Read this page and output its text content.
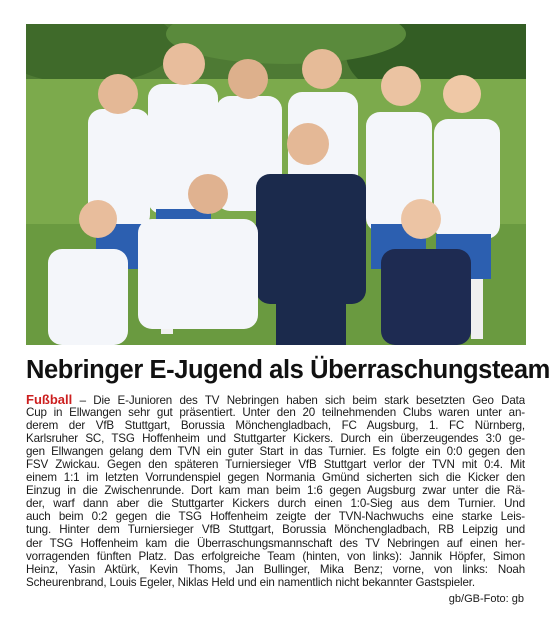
Nebringer E-Jugend als Überraschungsteam
Fußball – Die E-Junioren des TV Nebringen haben sich beim stark besetzten Geo Data
Cup in Ellwangen sehr gut präsentiert. Unter den 20 teilnehmenden Clubs waren unter an-
derem der VfB Stuttgart, Borussia Mönchengladbach, FC Augsburg, 1. FC Nürnberg,
Karlsruher SC, TSG Hoffenheim und Stuttgarter Kickers. Durch ein überzeugendes 3:0 ge-
gen Ellwangen gelang dem TVN ein guter Start in das Turnier. Es folgte ein 0:0 gegen den
FSV Zwickau. Gegen den späteren Turniersieger VfB Stuttgart verlor der TVN mit 0:4. Mit
einem 1:1 im letzten Vorrundenspiel gegen Normania Gmünd sicherten sich die Kicker den
Einzug in die Zwischenrunde. Dort kam man beim 1:6 gegen Augsburg zwar unter die Rä-
der, warf dann aber die Stuttgarter Kickers durch einen 1:0-Sieg aus dem Turnier. Und
auch beim 0:2 gegen die TSG Hoffenheim zeigte der TVN-Nachwuchs eine starke Leis-
tung. Hinter dem Turniersieger VfB Stuttgart, Borussia Mönchengladbach, RB Leipzig und
der TSG Hoffenheim kam die Überraschungsmannschaft des TV Nebringen auf einen her-
vorragenden fünften Platz. Das erfolgreiche Team (hinten, von links): Jannik Höpfer, Simon
Heinz, Yasin Aktürk, Kevin Thoms, Jan Bullinger, Mika Benz; vorne, von links: Noah
Scheurenbrand, Louis Egeler, Niklas Held und ein namentlich nicht bekannter Gastspieler.
gb/GB-Foto: gb
